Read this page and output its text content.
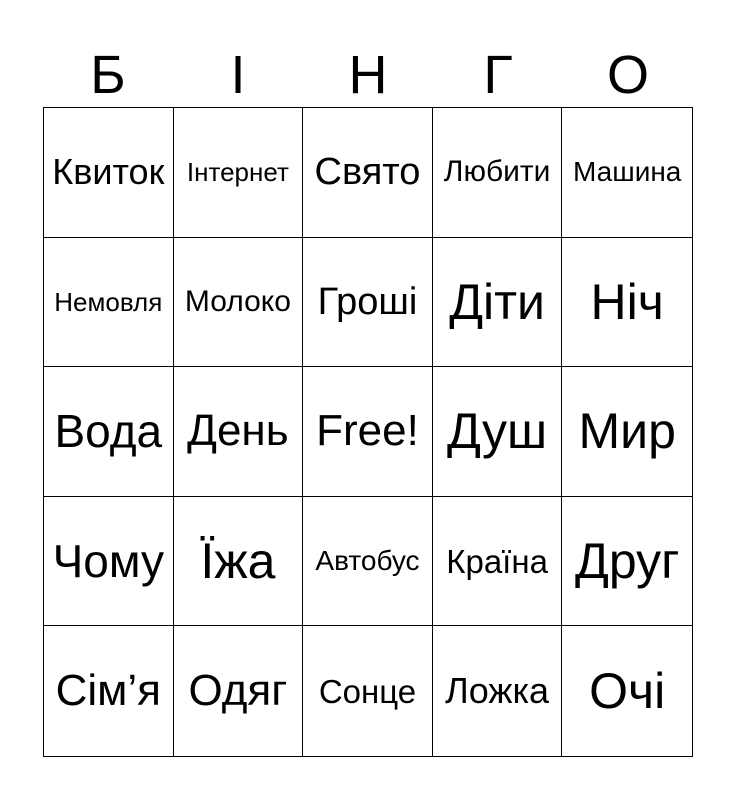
Б	І	Н	Г	О
Квиток Інтернет Свято Любити Машина
Немовля Молоко Гроші Діти Ніч
Вода День Free! Душ Мир
Чому Їжа	Автобус Країна Друг
Сім’я Одяг Сонце Ложка Очі
